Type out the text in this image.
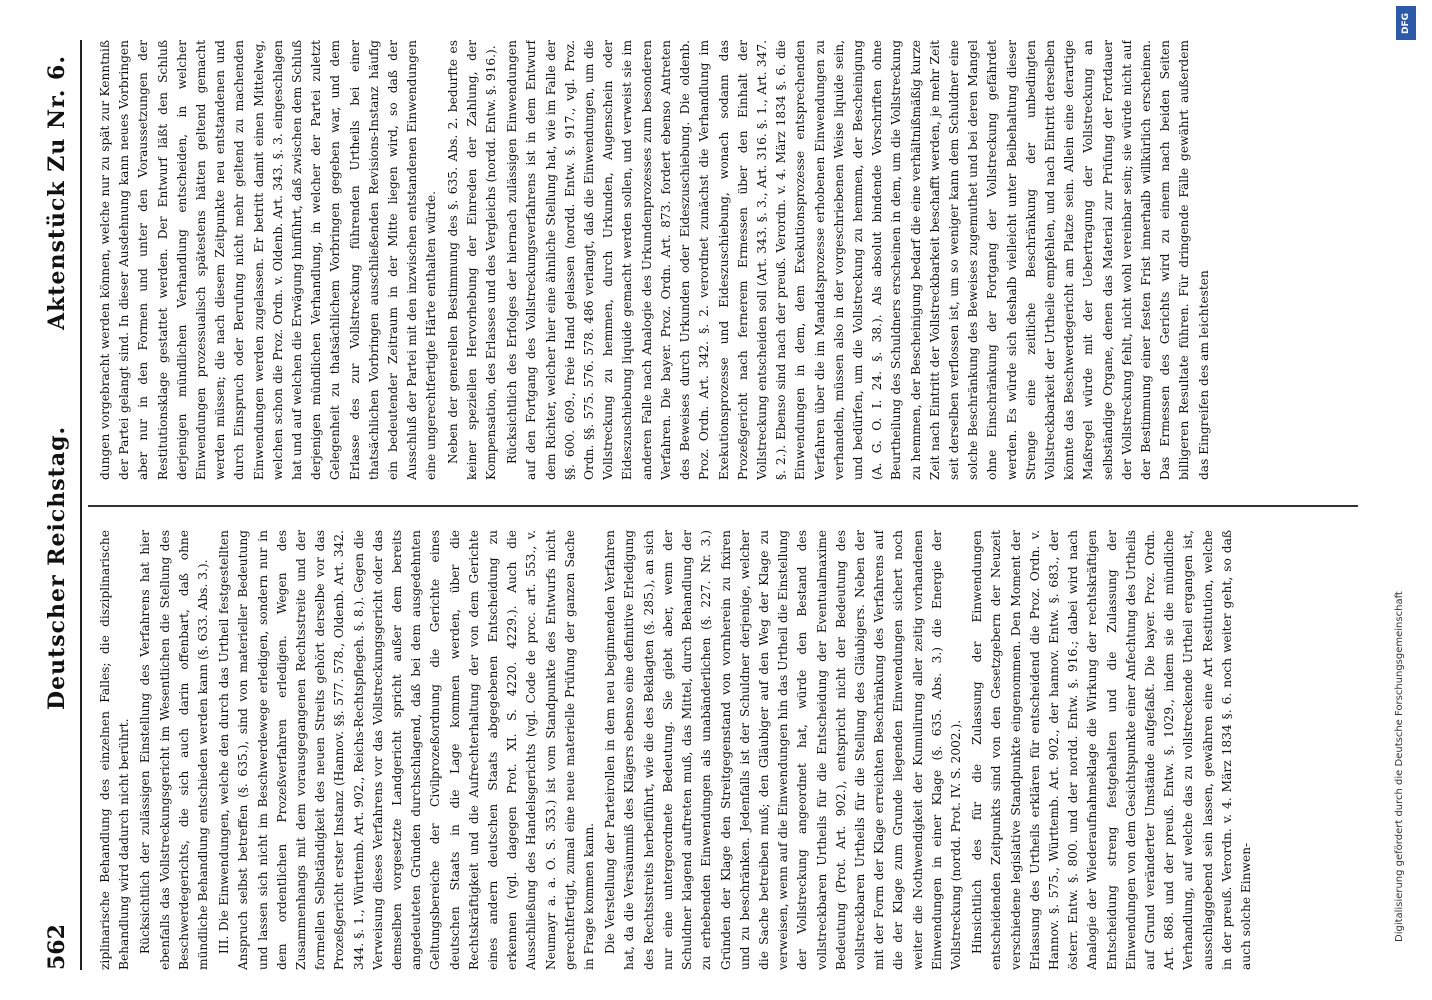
562
Deutscher Reichstag.
Aktenstück Zu Nr. 6.

ziplinarische Behandlung des einzelnen Falles; die disziplinarische Behandlung wird dadurch nicht berührt. Rücksichtlich der zulässigen Einstellung des Verfahrens hat hier ebenfalls das Vollstreckungsgericht im Wesentlichen die Stellung des Beschwerdegerichts, die sich auch darin offenbart, daß ohne mündliche Behandlung entschieden werden kann (§. 633. Abs. 3.). III. Die Einwendungen, welche den durch das Urtheil festgestellten Anspruch selbst betreffen (§. 635.), sind von materieller Bedeutung und lassen sich nicht im Beschwerdewege erledigen, sondern nur in dem ordentlichen Prozeßverfahren erledigen. Wegen des Zusammenhangs mit dem vorausgegangenen Rechtsstreite und der formellen Selbständigkeit des neuen Streits gehört derselbe vor das Prozeßgericht erster Instanz (Hannov. §§. 577. 578., Oldenb. Art. 342. 344. §. 1., Württemb. Art. 902., Reichs-Rechtspflegeh. §. 8.). Gegen die Verweisung dieses Verfahrens vor das Vollstreckungsgericht oder das demselben vorgesetzte Landgericht spricht außer dem bereits angedeuteten Gründen durchschlagend, daß bei dem ausgedehnten Geltungsbereiche der Civilprozeßordnung die Gerichte eines deutschen Staats in die Lage kommen werden, über die Rechtskräftigkeit und die Aufrechterhaltung der von dem Gerichte eines andern deutschen Staats abgegebenen Entscheidung zu erkennen (vgl. dagegen Prot. XI. S. 4220. 4229.). Auch die Ausschließung des Handelsgerichts (vgl. Code de proc. art. 553., v. Neumayr a. a. O. S. 353.) ist vom Standpunkte des Entwurfs nicht gerechtfertigt, zumal eine neue materielle Prüfung der ganzen Sache in Frage kommen kann. Die Verstellung der Parteirollen in dem neu beginnenden Verfahren hat, da die Versäumniß des Klägers ebenso eine definitive Erledigung des Rechtsstreits herbeiführt, wie die des Beklagten (§. 285.), an sich nur eine untergeordnete Bedeutung. Sie giebt aber, wenn der Schuldner klagend auftreten muß, das Mittel, durch Behandlung der zu erhebenden Einwendungen als unabänderlichen (§. 227. Nr. 3.) Gründen der Klage den Streitgegenstand von vornherein zu fixiren und zu beschränken. Jedenfalls ist der Schuldner derjenige, welcher die Sache betreiben muß; den Gläubiger auf den Weg der Klage zu verweisen, wenn auf die Einwendungen hin das Urtheil die Einstellung der Vollstreckung angeordnet hat, würde den Bestand des vollstreckbaren Urtheils für die Entscheidung der Eventualmaxime Bedeutung (Prot. Art. 902.), entspricht nicht der Bedeutung des vollstreckbaren Urtheils für die Stellung des Gläubigers. Neben der mit der Form der Klage erreichten Beschränkung des Verfahrens auf die der Klage zum Grunde liegenden Einwendungen sichert noch weiter die Nothwendigkeit der Kumulirung aller zeitig vorhandenen Einwendungen in einer Klage (§. 635. Abs. 3.) die Energie der Vollstreckung (nordd. Prot. IV. S. 2002.). Hinsichtlich des für die Zulassung der Einwendungen entscheidenden Zeitpunkts sind von den Gesetzgebern der Neuzeit verschiedene legislative Standpunkte eingenommen. Den Moment der Erlassung des Urtheils erklären für entscheidend die Proz. Ordn. v. Hannov. §. 575., Württemb. Art. 902., der hannov. Entw. §. 683., der österr. Entw. §. 800. und der nordd. Entw. §. 916.; dabei wird nach Analogie der Wiederaufnahmeklage die Wirkung der rechtskräftigen Entscheidung streng festgehalten und die Zulassung der Einwendungen von dem Gesichtspunkte einer Anfechtung des Urtheils auf Grund veränderter Umstände aufgefaßt. Die bayer. Proz. Ordn. Art. 868. und der preuß. Entw. §. 1029., indem sie die mündliche Verhandlung, auf welche das zu vollstreckende Urtheil ergangen ist, ausschlaggebend sein lassen, gewähren eine Art Restitution, welche in der preuß. Verordn. v. 4. März 1834 §. 6. noch weiter geht, so daß auch solche Einwen-

dungen vorgebracht werden können, welche nur zu spät zur Kenntniß der Partei gelangt sind. In dieser Ausdehnung kann neues Vorbringen aber nur in den Formen und unter den Voraussetzungen der Restitutionsklage gestattet werden. Der Entwurf läßt den Schluß derjenigen mündlichen Verhandlung entscheiden, in welcher Einwendungen prozessualisch spätestens hätten geltend gemacht werden müssen; die nach diesem Zeitpunkte neu entstandenen und durch Einspruch oder Berufung nicht mehr geltend zu machenden Einwendungen werden zugelassen. Er betritt damit einen Mittelweg, welchen schon die Proz. Ordn. v. Oldenb. Art. 343. §. 3. eingeschlagen hat und auf welchen die Erwägung hinführt, daß zwischen dem Schluß derjenigen mündlichen Verhandlung, in welcher der Partei zuletzt Gelegenheit zu thatsächlichem Vorbringen gegeben war, und dem Erlasse des zur Vollstreckung führenden Urtheils bei einer thatsächlichen Vorbringen ausschließenden Revisions-Instanz häufig ein bedeutender Zeitraum in der Mitte liegen wird, so daß der Ausschluß der Partei mit den inzwischen entstandenen Einwendungen eine ungerechtfertigte Härte enthalten würde. Neben der generellen Bestimmung des §. 635. Abs. 2. bedurfte es keiner speziellen Hervorhebung der Einreden der Zahlung, der Kompensation, des Erlasses und des Vergleichs (nordd. Entw. §. 916.). Rücksichtlich des Erfolges der hiernach zulässigen Einwendungen auf den Fortgang des Vollstreckungsverfahrens ist in dem Entwurf dem Richter, welcher hier eine ähnliche Stellung hat, wie im Falle der §§. 600. 609., freie Hand gelassen (nordd. Entw. §. 917., vgl. Proz. Ordn. §§. 575. 576. 578. 486 verlangt, daß die Einwendungen, um die Vollstreckung zu hemmen, durch Urkunden, Augenschein oder Eideszuschiebung liquide gemacht werden sollen, und verweist sie im anderen Falle nach Analogie des Urkundenprozesses zum besonderen Verfahren. Die bayer. Proz. Ordn. Art. 873. fordert ebenso Antreten des Beweises durch Urkunden oder Eideszuschiebung. Die oldenb. Proz. Ordn. Art. 342. §. 2. verordnet zunächst die Verhandlung im Exekutionsprozesse und Eideszuschiebung, wonach sodann das Prozeßgericht nach fernerem Ermessen über den Einhalt der Vollstreckung entscheiden soll (Art. 343. §. 3., Art. 316. §. 1., Art. 347. §. 2.). Ebenso sind nach der preuß. Verordn. v. 4. März 1834 §. 6. die Einwendungen in dem, dem Exekutionsprozesse entsprechenden Verfahren über die im Mandatsprozesse erhobenen Einwendungen zu verhandeln, müssen also in der vorgeschriebenen Weise liquide sein, und bedürfen, um die Vollstreckung zu hemmen, der Bescheinigung (A. G. O. I. 24. §. 38.). Als absolut bindende Vorschriften ohne Beurtheilung des Schuldners erscheinen in dem, um die Vollstreckung zu hemmen, der Bescheinigung bedarf die eine verhältnißmäßig kurze Zeit nach Eintritt der Vollstreckbarkeit beschafft werden, je mehr Zeit seit derselben verflossen ist, um so weniger kann dem Schuldner eine solche Beschränkung des Beweises zugemuthet und bei deren Mangel ohne Einschränkung der Fortgang der Vollstreckung gefährdet werden. Es würde sich deshalb vielleicht unter Beibehaltung dieser Strenge eine zeitliche Beschränkung der unbedingten Vollstreckbarkeit der Urtheile empfehlen, und nach Eintritt derselben könnte das Beschwerdegericht am Platze sein. Allein eine derartige Maßregel würde mit der Uebertragung der Vollstreckung an selbständige Organe, denen das Material zur Prüfung der Fortdauer der Vollstreckung fehlt, nicht wohl vereinbar sein; sie würde nicht auf der Bestimmung einer festen Frist innerhalb willkürlich erscheinen. Das Ermessen des Gerichts wird zu einem nach beiden Seiten billigeren Resultate führen. Für dringende Fälle gewährt außerdem das Eingreifen des am leichtesten

DFG
Digitalisierung gefördert durch die Deutsche Forschungsgemeinschaft
